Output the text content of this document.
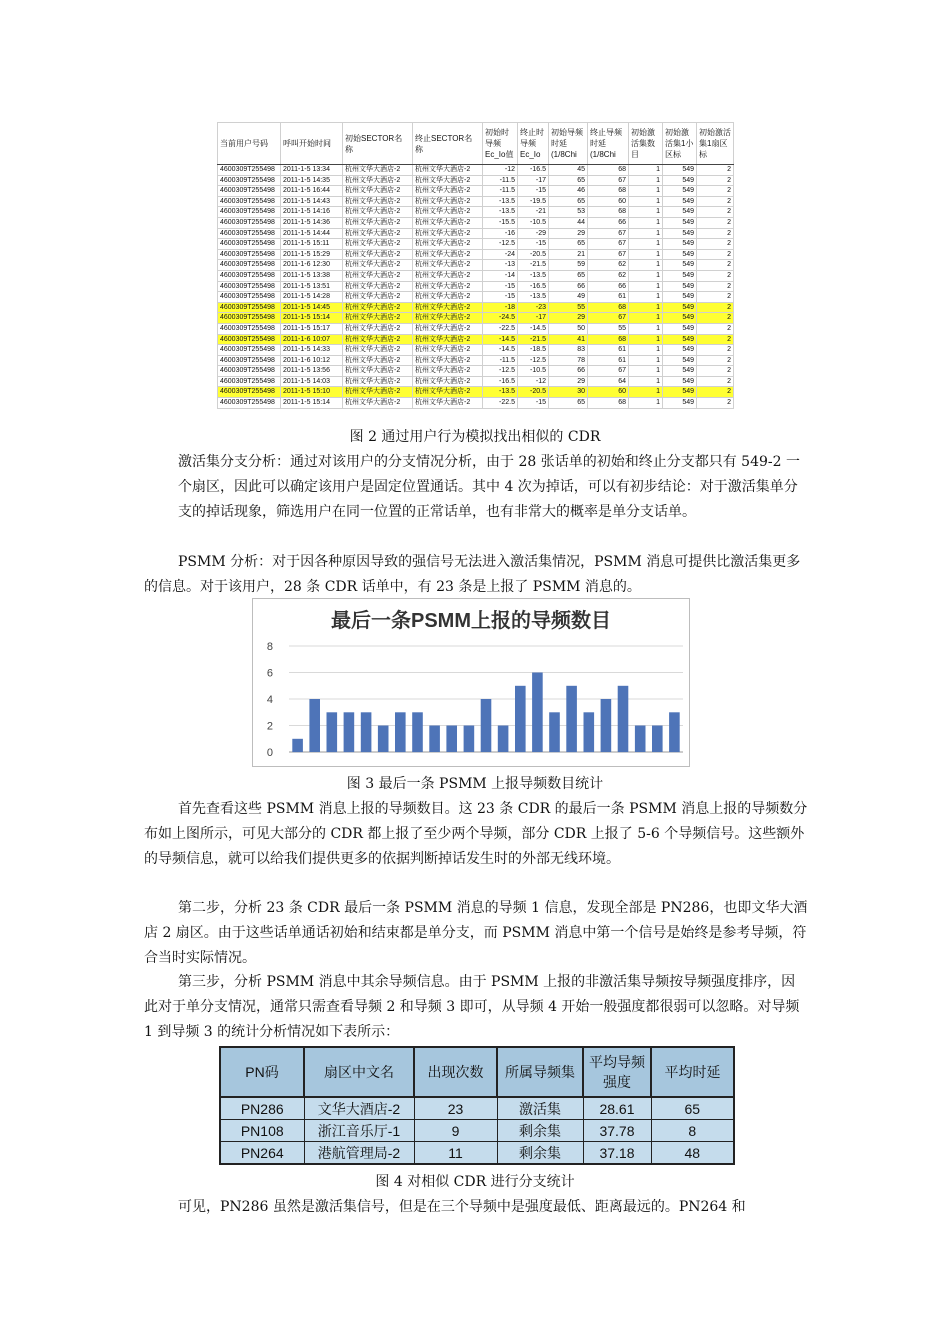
当前用户号码	呼叫开始时间	初始SECTOR名称	终止SECTOR名称	初始时导频Ec_Io值	终止时导频Ec_Io	初始导频时延(1/8Chi	终止导频时延(1/8Chi	初始激活集数目	初始激活集1小区标	初始激活集1扇区标
4600309T255498	2011-1-5 13:34	杭州文华大酒店-2	杭州文华大酒店-2	-12	-16.5	45	68	1	549	2
4600309T255498	2011-1-5 14:35	杭州文华大酒店-2	杭州文华大酒店-2	-11.5	-17	65	67	1	549	2
4600309T255498	2011-1-5 16:44	杭州文华大酒店-2	杭州文华大酒店-2	-11.5	-15	46	68	1	549	2
4600309T255498	2011-1-5 14:43	杭州文华大酒店-2	杭州文华大酒店-2	-13.5	-19.5	65	60	1	549	2
4600309T255498	2011-1-5 14:16	杭州文华大酒店-2	杭州文华大酒店-2	-13.5	-21	53	68	1	549	2
4600309T255498	2011-1-5 14:36	杭州文华大酒店-2	杭州文华大酒店-2	-15.5	-10.5	44	66	1	549	2
4600309T255498	2011-1-5 14:44	杭州文华大酒店-2	杭州文华大酒店-2	-16	-29	29	67	1	549	2
4600309T255498	2011-1-5 15:11	杭州文华大酒店-2	杭州文华大酒店-2	-12.5	-15	65	67	1	549	2
4600309T255498	2011-1-5 15:29	杭州文华大酒店-2	杭州文华大酒店-2	-24	-20.5	21	67	1	549	2
4600309T255498	2011-1-6 12:30	杭州文华大酒店-2	杭州文华大酒店-2	-13	-21.5	59	62	1	549	2
4600309T255498	2011-1-5 13:38	杭州文华大酒店-2	杭州文华大酒店-2	-14	-13.5	65	62	1	549	2
4600309T255498	2011-1-5 13:51	杭州文华大酒店-2	杭州文华大酒店-2	-15	-16.5	66	66	1	549	2
4600309T255498	2011-1-5 14:28	杭州文华大酒店-2	杭州文华大酒店-2	-15	-13.5	49	61	1	549	2
4600309T255498	2011-1-5 14:45	杭州文华大酒店-2	杭州文华大酒店-2	-18	-23	55	68	1	549	2
4600309T255498	2011-1-5 15:14	杭州文华大酒店-2	杭州文华大酒店-2	-24.5	-17	29	67	1	549	2
4600309T255498	2011-1-5 15:17	杭州文华大酒店-2	杭州文华大酒店-2	-22.5	-14.5	50	55	1	549	2
4600309T255498	2011-1-6 10:07	杭州文华大酒店-2	杭州文华大酒店-2	-14.5	-21.5	41	68	1	549	2
4600309T255498	2011-1-5 14:33	杭州文华大酒店-2	杭州文华大酒店-2	-14.5	-18.5	83	61	1	549	2
4600309T255498	2011-1-6 10:12	杭州文华大酒店-2	杭州文华大酒店-2	-11.5	-12.5	78	61	1	549	2
4600309T255498	2011-1-5 13:56	杭州文华大酒店-2	杭州文华大酒店-2	-12.5	-10.5	66	67	1	549	2
4600309T255498	2011-1-5 14:03	杭州文华大酒店-2	杭州文华大酒店-2	-16.5	-12	29	64	1	549	2
4600309T255498	2011-1-5 15:10	杭州文华大酒店-2	杭州文华大酒店-2	-13.5	-20.5	30	60	1	549	2
4600309T255498	2011-1-5 15:14	杭州文华大酒店-2	杭州文华大酒店-2	-22.5	-15	65	68	1	549	2
图 2 通过用户行为模拟找出相似的 CDR
激活集分支分析：通过对该用户的分支情况分析，由于 28 张话单的初始和终止分支都只有 549-2 一个扇区，因此可以确定该用户是固定位置通话。其中 4 次为掉话，可以有初步结论：对于激活集单分支的掉话现象，筛选用户在同一位置的正常话单，也有非常大的概率是单分支话单。
PSMM 分析：对于因各种原因导致的强信号无法进入激活集情况，PSMM 消息可提供比激活集更多的信息。对于该用户，28 条 CDR 话单中，有 23 条是上报了 PSMM 消息的。
最后一条PSMM上报的导频数目
0
2
4
6
8
图 3 最后一条 PSMM 上报导频数目统计
首先查看这些 PSMM 消息上报的导频数目。这 23 条 CDR 的最后一条 PSMM 消息上报的导频数分布如上图所示，可见大部分的 CDR 都上报了至少两个导频，部分 CDR 上报了 5-6 个导频信号。这些额外的导频信息，就可以给我们提供更多的依据判断掉话发生时的外部无线环境。
第二步，分析 23 条 CDR 最后一条 PSMM 消息的导频 1 信息，发现全部是 PN286，也即文华大酒店 2 扇区。由于这些话单通话初始和结束都是单分支，而 PSMM 消息中第一个信号是始终是参考导频，符合当时实际情况。
第三步，分析 PSMM 消息中其余导频信息。由于 PSMM 上报的非激活集导频按导频强度排序，因此对于单分支情况，通常只需查看导频 2 和导频 3 即可，从导频 4 开始一般强度都很弱可以忽略。对导频 1 到导频 3 的统计分析情况如下表所示：
PN码	扇区中文名	出现次数	所属导频集	平均导频强度	平均时延
PN286	文华大酒店-2	23	激活集	28.61	65
PN108	浙江音乐厅-1	9	剩余集	37.78	8
PN264	港航管理局-2	11	剩余集	37.18	48
图 4 对相似 CDR 进行分支统计
可见，PN286 虽然是激活集信号，但是在三个导频中是强度最低、距离最远的。PN264 和
